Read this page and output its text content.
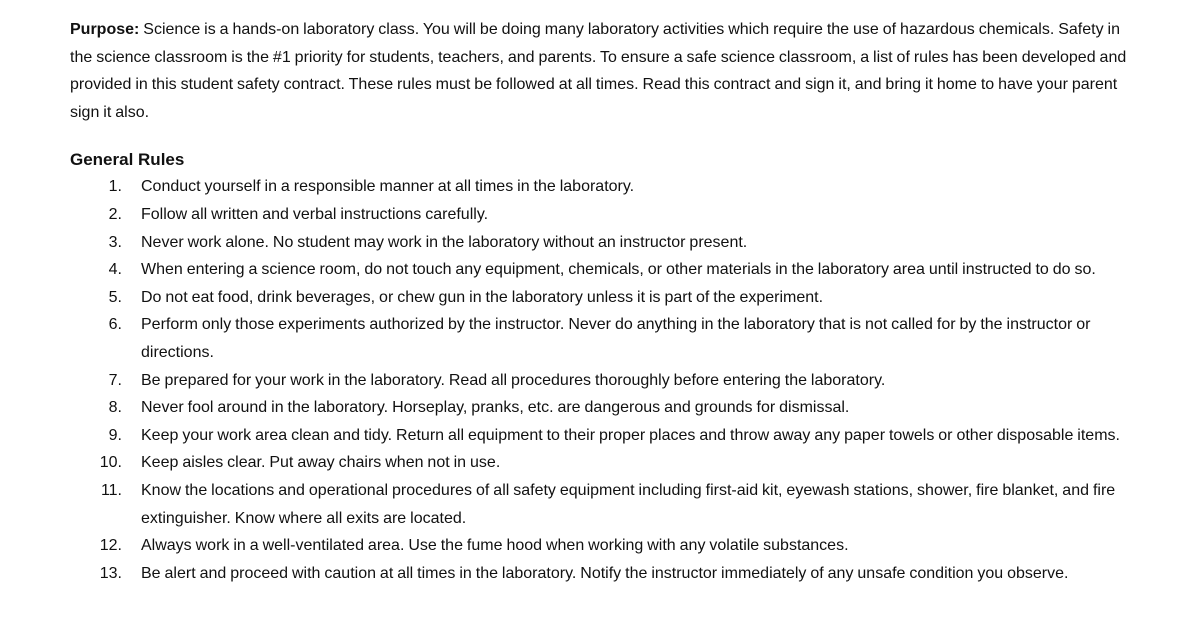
Purpose: Science is a hands-on laboratory class. You will be doing many laboratory activities which require the use of hazardous chemicals. Safety in the science classroom is the #1 priority for students, teachers, and parents. To ensure a safe science classroom, a list of rules has been developed and provided in this student safety contract. These rules must be followed at all times. Read this contract and sign it, and bring it home to have your parent sign it also.

General Rules
1. Conduct yourself in a responsible manner at all times in the laboratory.
2. Follow all written and verbal instructions carefully.
3. Never work alone. No student may work in the laboratory without an instructor present.
4. When entering a science room, do not touch any equipment, chemicals, or other materials in the laboratory area until instructed to do so.
5. Do not eat food, drink beverages, or chew gun in the laboratory unless it is part of the experiment.
6. Perform only those experiments authorized by the instructor. Never do anything in the laboratory that is not called for by the instructor or directions.
7. Be prepared for your work in the laboratory. Read all procedures thoroughly before entering the laboratory.
8. Never fool around in the laboratory. Horseplay, pranks, etc. are dangerous and grounds for dismissal.
9. Keep your work area clean and tidy. Return all equipment to their proper places and throw away any paper towels or other disposable items.
10. Keep aisles clear. Put away chairs when not in use.
11. Know the locations and operational procedures of all safety equipment including first-aid kit, eyewash stations, shower, fire blanket, and fire extinguisher. Know where all exits are located.
12. Always work in a well-ventilated area. Use the fume hood when working with any volatile substances.
13. Be alert and proceed with caution at all times in the laboratory. Notify the instructor immediately of any unsafe condition you observe.
